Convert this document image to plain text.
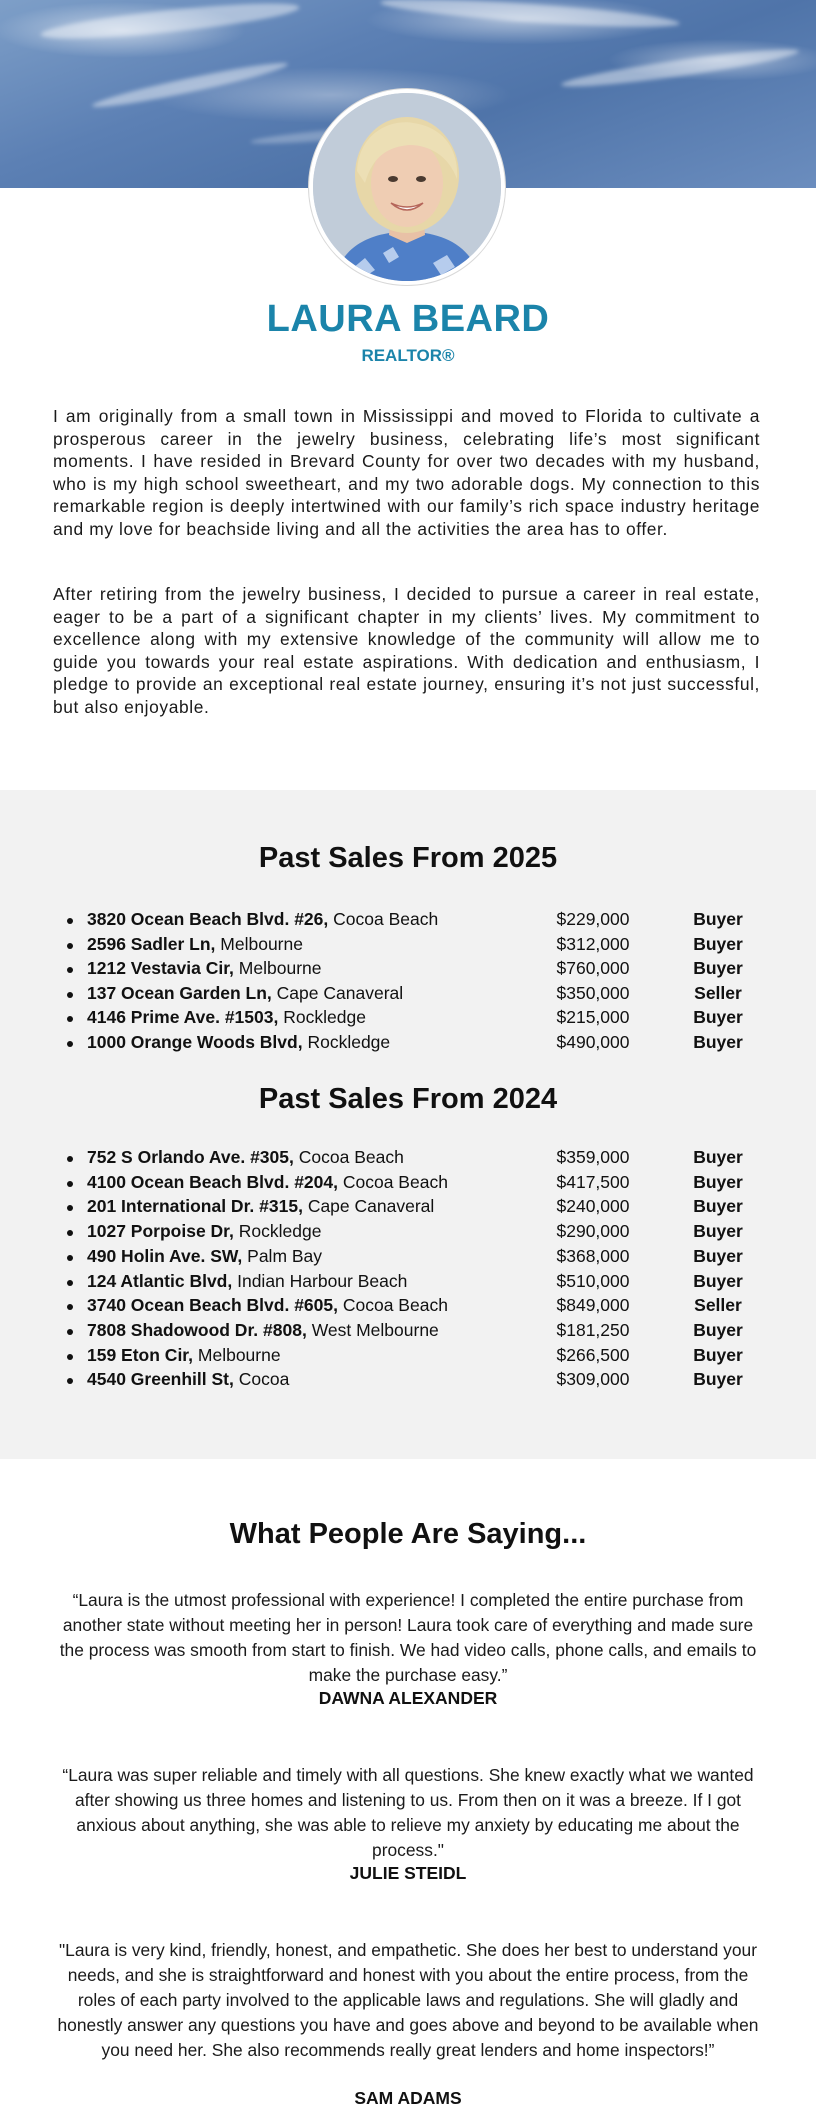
LAURA BEARD
REALTOR®

I am originally from a small town in Mississippi and moved to Florida to cultivate a prosperous career in the jewelry business, celebrating life’s most significant moments. I have resided in Brevard County for over two decades with my husband, who is my high school sweetheart, and my two adorable dogs. My connection to this remarkable region is deeply intertwined with our family’s rich space industry heritage and my love for beachside living and all the activities the area has to offer.

After retiring from the jewelry business, I decided to pursue a career in real estate, eager to be a part of a significant chapter in my clients’ lives. My commitment to excellence along with my extensive knowledge of the community will allow me to guide you towards your real estate aspirations. With dedication and enthusiasm, I pledge to provide an exceptional real estate journey, ensuring it’s not just successful, but also enjoyable.

Past Sales From 2025
3820 Ocean Beach Blvd. #26, Cocoa Beach	$229,000	Buyer
2596 Sadler Ln, Melbourne	$312,000	Buyer
1212 Vestavia Cir, Melbourne	$760,000	Buyer
137 Ocean Garden Ln, Cape Canaveral	$350,000	Seller
4146 Prime Ave. #1503, Rockledge	$215,000	Buyer
1000 Orange Woods Blvd, Rockledge	$490,000	Buyer
Past Sales From 2024
752 S Orlando Ave. #305, Cocoa Beach	$359,000	Buyer
4100 Ocean Beach Blvd. #204, Cocoa Beach	$417,500	Buyer
201 International Dr. #315, Cape Canaveral	$240,000	Buyer
1027 Porpoise Dr, Rockledge	$290,000	Buyer
490 Holin Ave. SW, Palm Bay	$368,000	Buyer
124 Atlantic Blvd, Indian Harbour Beach	$510,000	Buyer
3740 Ocean Beach Blvd. #605, Cocoa Beach	$849,000	Seller
7808 Shadowood Dr. #808, West Melbourne	$181,250	Buyer
159 Eton Cir, Melbourne	$266,500	Buyer
4540 Greenhill St, Cocoa	$309,000	Buyer
What People Are Saying...

“Laura is the utmost professional with experience! I completed the entire purchase from another state without meeting her in person! Laura took care of everything and made sure the process was smooth from start to finish. We had video calls, phone calls, and emails to make the purchase easy.”

DAWNA ALEXANDER

“Laura was super reliable and timely with all questions. She knew exactly what we wanted after showing us three homes and listening to us. From then on it was a breeze. If I got anxious about anything, she was able to relieve my anxiety by educating me about the process."

JULIE STEIDL

"Laura is very kind, friendly, honest, and empathetic. She does her best to understand your needs, and she is straightforward and honest with you about the entire process, from the roles of each party involved to the applicable laws and regulations. She will gladly and honestly answer any questions you have and goes above and beyond to be available when you need her. She also recommends really great lenders and home inspectors!”

SAM ADAMS
